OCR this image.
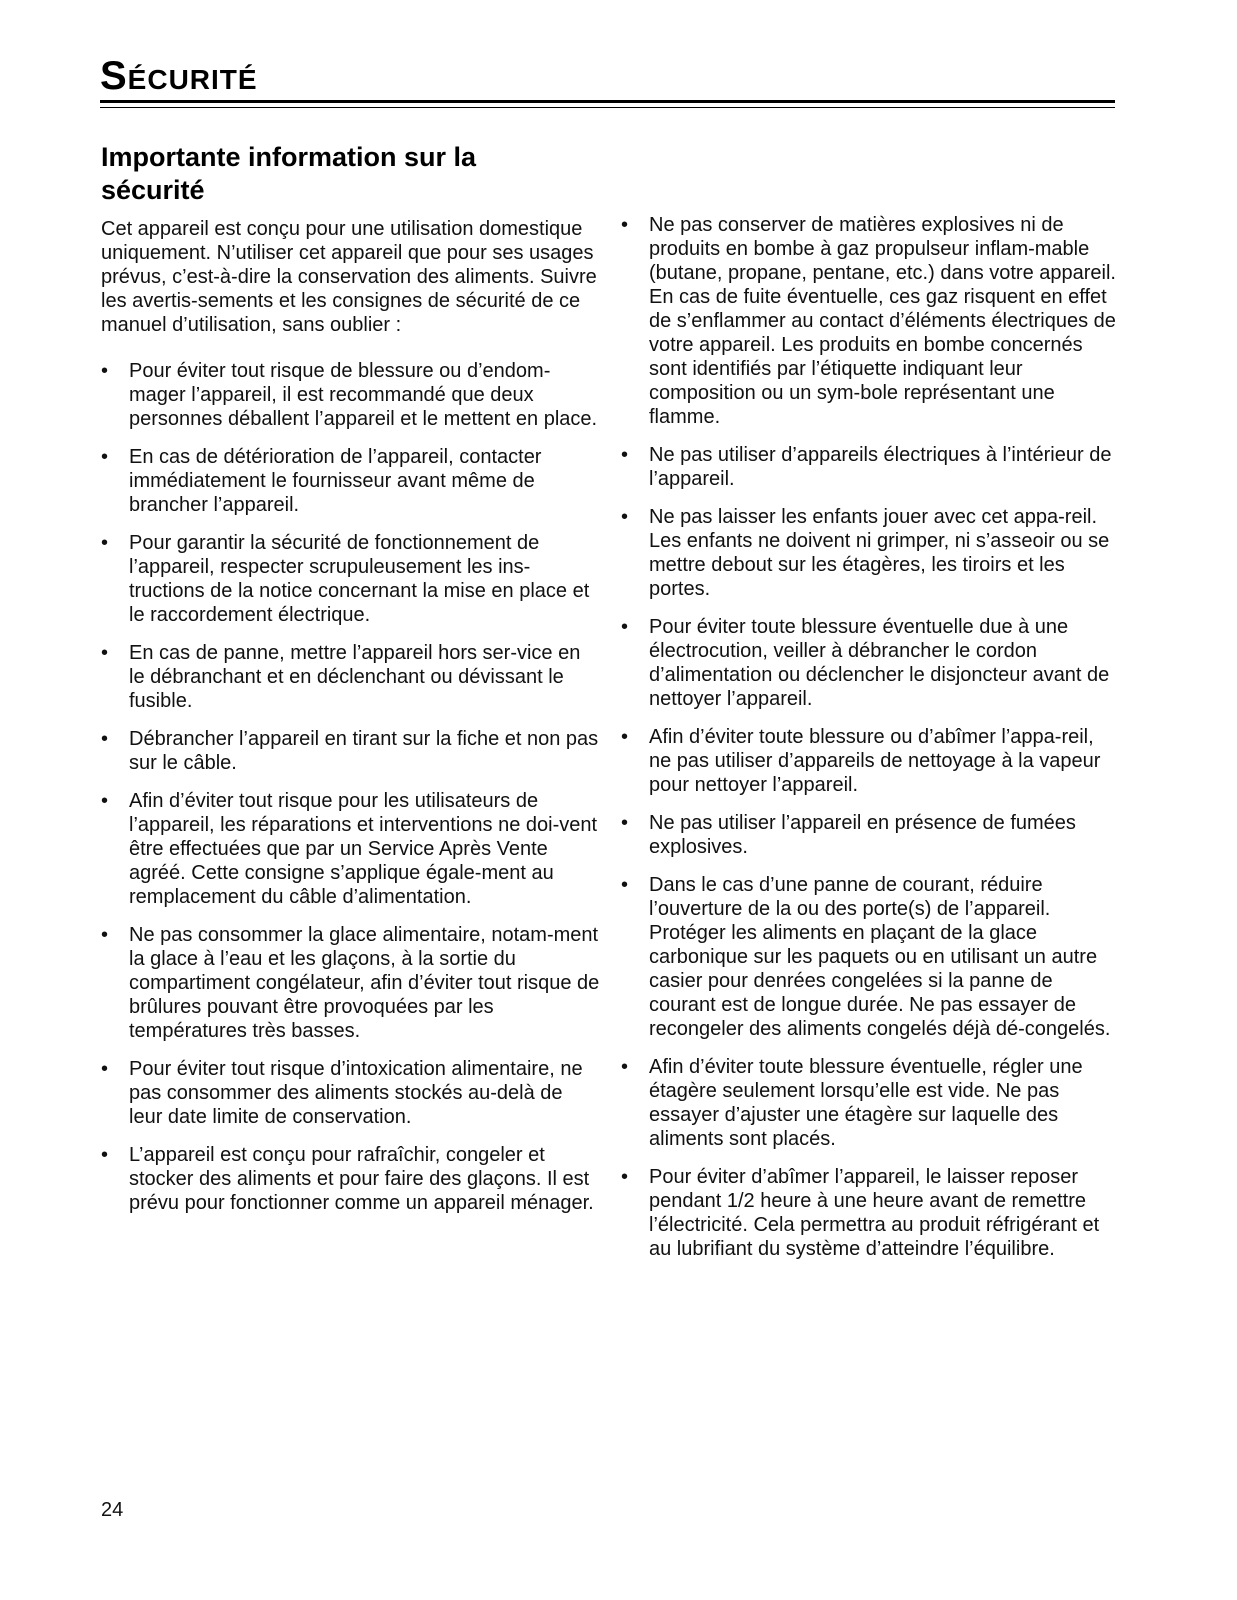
Sécurité
Importante information sur la sécurité

Cet appareil est conçu pour une utilisation domestique uniquement. N’utiliser cet appareil que pour ses usages prévus, c’est-à-dire la conservation des aliments. Suivre les avertis-sements et les consignes de sécurité de ce manuel d’utilisation, sans oublier :

• Pour éviter tout risque de blessure ou d’endom-mager l’appareil, il est recommandé que deux personnes déballent l’appareil et le mettent en place.
• En cas de détérioration de l’appareil, contacter immédiatement le fournisseur avant même de brancher l’appareil.
• Pour garantir la sécurité de fonctionnement de l’appareil, respecter scrupuleusement les ins-tructions de la notice concernant la mise en place et le raccordement électrique.
• En cas de panne, mettre l’appareil hors ser-vice en le débranchant et en déclenchant ou dévissant le fusible.
• Débrancher l’appareil en tirant sur la fiche et non pas sur le câble.
• Afin d’éviter tout risque pour les utilisateurs de l’appareil, les réparations et interventions ne doi-vent être effectuées que par un Service Après Vente agréé. Cette consigne s’applique égale-ment au remplacement du câble d’alimentation.
• Ne pas consommer la glace alimentaire, notam-ment la glace à l’eau et les glaçons, à la sortie du compartiment congélateur, afin d’éviter tout risque de brûlures pouvant être provoquées par les températures très basses.
• Pour éviter tout risque d’intoxication alimentaire, ne pas consommer des aliments stockés au-delà de leur date limite de conservation.
• L’appareil est conçu pour rafraîchir, congeler et stocker des aliments et pour faire des glaçons. Il est prévu pour fonctionner comme un appareil ménager.
• Ne pas conserver de matières explosives ni de produits en bombe à gaz propulseur inflam-mable (butane, propane, pentane, etc.) dans votre appareil. En cas de fuite éventuelle, ces gaz risquent en effet de s’enflammer au contact d’éléments électriques de votre appareil. Les produits en bombe concernés sont identifiés par l’étiquette indiquant leur composition ou un sym-bole représentant une flamme.
• Ne pas utiliser d’appareils électriques à l’intérieur de l’appareil.
• Ne pas laisser les enfants jouer avec cet appa-reil. Les enfants ne doivent ni grimper, ni s’asseoir ou se mettre debout sur les étagères, les tiroirs et les portes.
• Pour éviter toute blessure éventuelle due à une électrocution, veiller à débrancher le cordon d’alimentation ou déclencher le disjoncteur avant de nettoyer l’appareil.
• Afin d’éviter toute blessure ou d’abîmer l’appa-reil, ne pas utiliser d’appareils de nettoyage à la vapeur pour nettoyer l’appareil.
• Ne pas utiliser l’appareil en présence de fumées explosives.
• Dans le cas d’une panne de courant, réduire l’ouverture de la ou des porte(s) de l’appareil. Protéger les aliments en plaçant de la glace carbonique sur les paquets ou en utilisant un autre casier pour denrées congelées si la panne de courant est de longue durée. Ne pas essayer de recongeler des aliments congelés déjà dé-congelés.
• Afin d’éviter toute blessure éventuelle, régler une étagère seulement lorsqu’elle est vide. Ne pas essayer d’ajuster une étagère sur laquelle des aliments sont placés.
• Pour éviter d’abîmer l’appareil, le laisser reposer pendant 1/2 heure à une heure avant de remettre l’électricité. Cela permettra au produit réfrigérant et au lubrifiant du système d’atteindre l’équilibre.
24
